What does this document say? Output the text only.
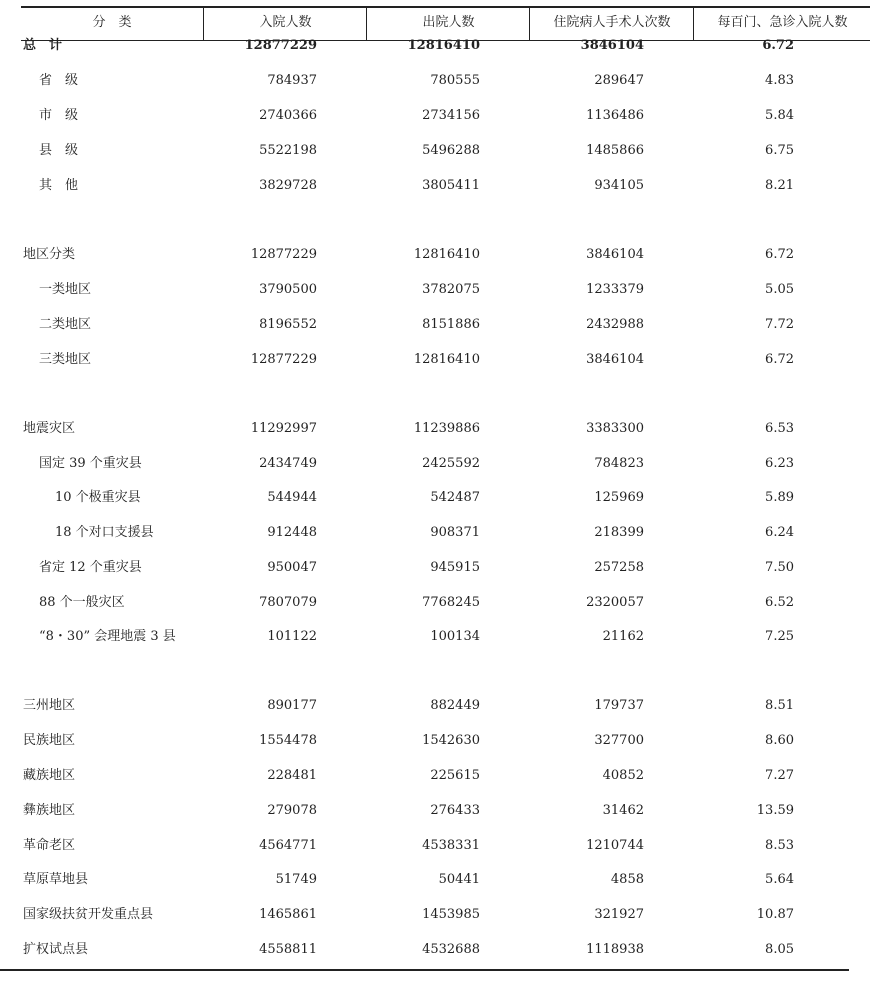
分　类	入院人数	出院人数	住院病人手术人次数	每百门、急诊入院人数
总　计	12877229	12816410	3846104	6.72
省　级	784937	780555	289647	4.83
市　级	2740366	2734156	1136486	5.84
县　级	5522198	5496288	1485866	6.75
其　他	3829728	3805411	934105	8.21
地区分类	12877229	12816410	3846104	6.72
一类地区	3790500	3782075	1233379	5.05
二类地区	8196552	8151886	2432988	7.72
三类地区	12877229	12816410	3846104	6.72
地震灾区	11292997	11239886	3383300	6.53
国定 39 个重灾县	2434749	2425592	784823	6.23
10 个极重灾县	544944	542487	125969	5.89
18 个对口支援县	912448	908371	218399	6.24
省定 12 个重灾县	950047	945915	257258	7.50
88 个一般灾区	7807079	7768245	2320057	6.52
“8・30” 会理地震 3 县	101122	100134	21162	7.25
三州地区	890177	882449	179737	8.51
民族地区	1554478	1542630	327700	8.60
藏族地区	228481	225615	40852	7.27
彝族地区	279078	276433	31462	13.59
革命老区	4564771	4538331	1210744	8.53
草原草地县	51749	50441	4858	5.64
国家级扶贫开发重点县	1465861	1453985	321927	10.87
扩权试点县	4558811	4532688	1118938	8.05
